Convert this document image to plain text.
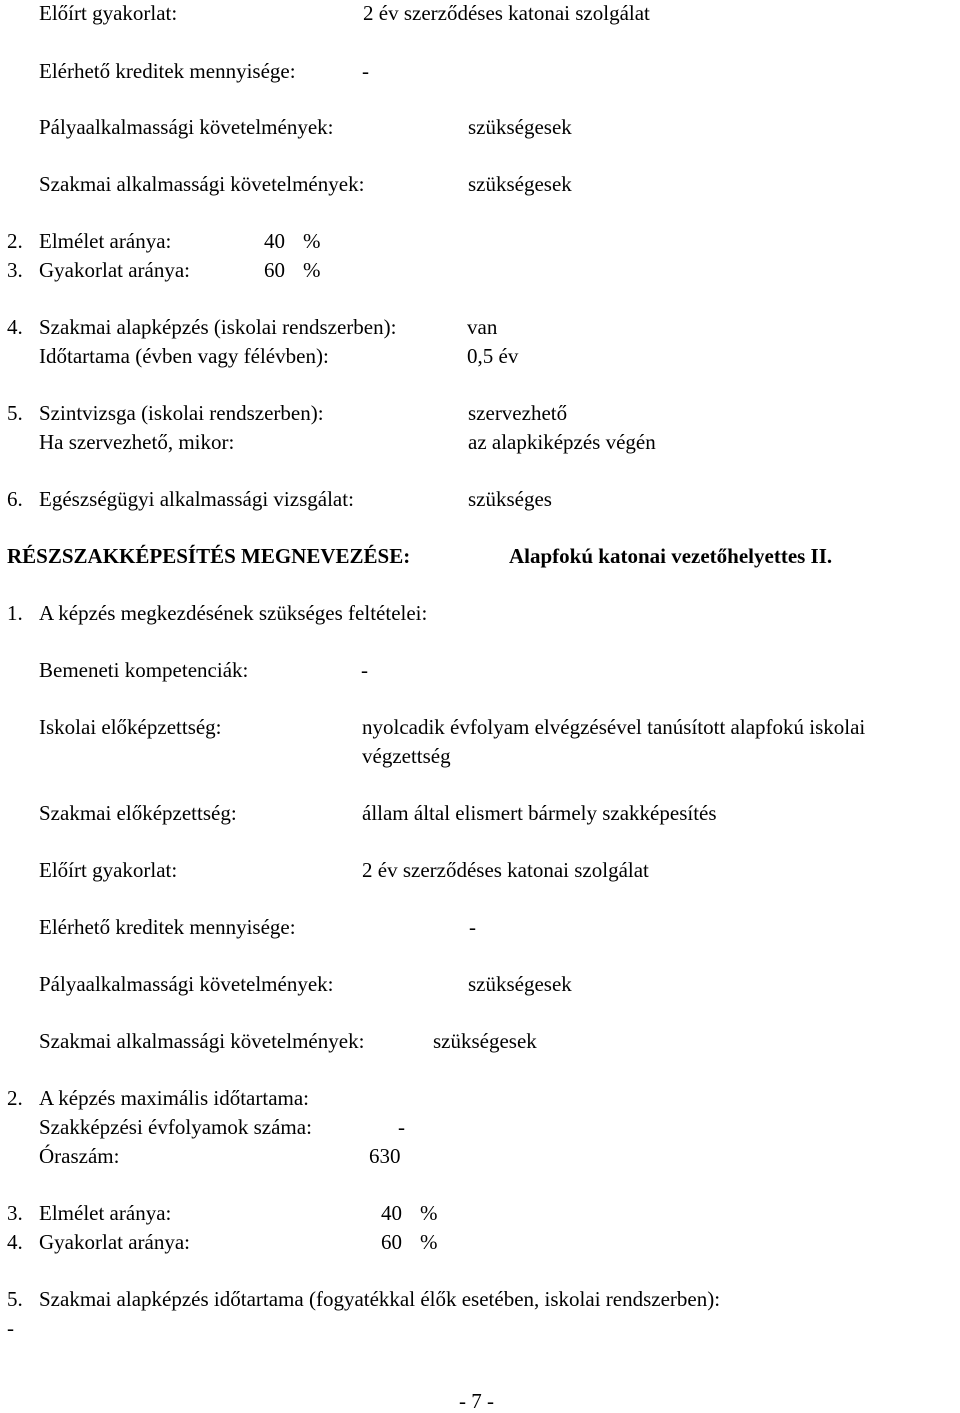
Előírt gyakorlat:	2 év szerződéses katonai szolgálat
Elérhető kreditek mennyisége:	-
Pályaalkalmassági követelmények:	szükségesek
Szakmai alkalmassági követelmények:	szükségesek
2. Elmélet aránya:	40 %
3. Gyakorlat aránya:	60 %
4. Szakmai alapképzés (iskolai rendszerben):	van
Időtartama (évben vagy félévben):	0,5 év
5. Szintvizsga (iskolai rendszerben):	szervezhető
Ha szervezhető, mikor:	az alapkiképzés végén
6. Egészségügyi alkalmassági vizsgálat:	szükséges
RÉSZSZAKKÉPESÍTÉS MEGNEVEZÉSE:	Alapfokú katonai vezetőhelyettes II.
1. A képzés megkezdésének szükséges feltételei:
Bemeneti kompetenciák:	-
Iskolai előképzettség:	nyolcadik évfolyam elvégzésével tanúsított alapfokú iskolai
végzettség
Szakmai előképzettség:	állam által elismert bármely szakképesítés
Előírt gyakorlat:	2 év szerződéses katonai szolgálat
Elérhető kreditek mennyisége:	-
Pályaalkalmassági követelmények:	szükségesek
Szakmai alkalmassági követelmények:	szükségesek
2. A képzés maximális időtartama:
Szakképzési évfolyamok száma:	-
Óraszám:	630
3. Elmélet aránya:	40 %
4. Gyakorlat aránya:	60 %
5. Szakmai alapképzés időtartama (fogyatékkal élők esetében, iskolai rendszerben):
-
- 7 -
